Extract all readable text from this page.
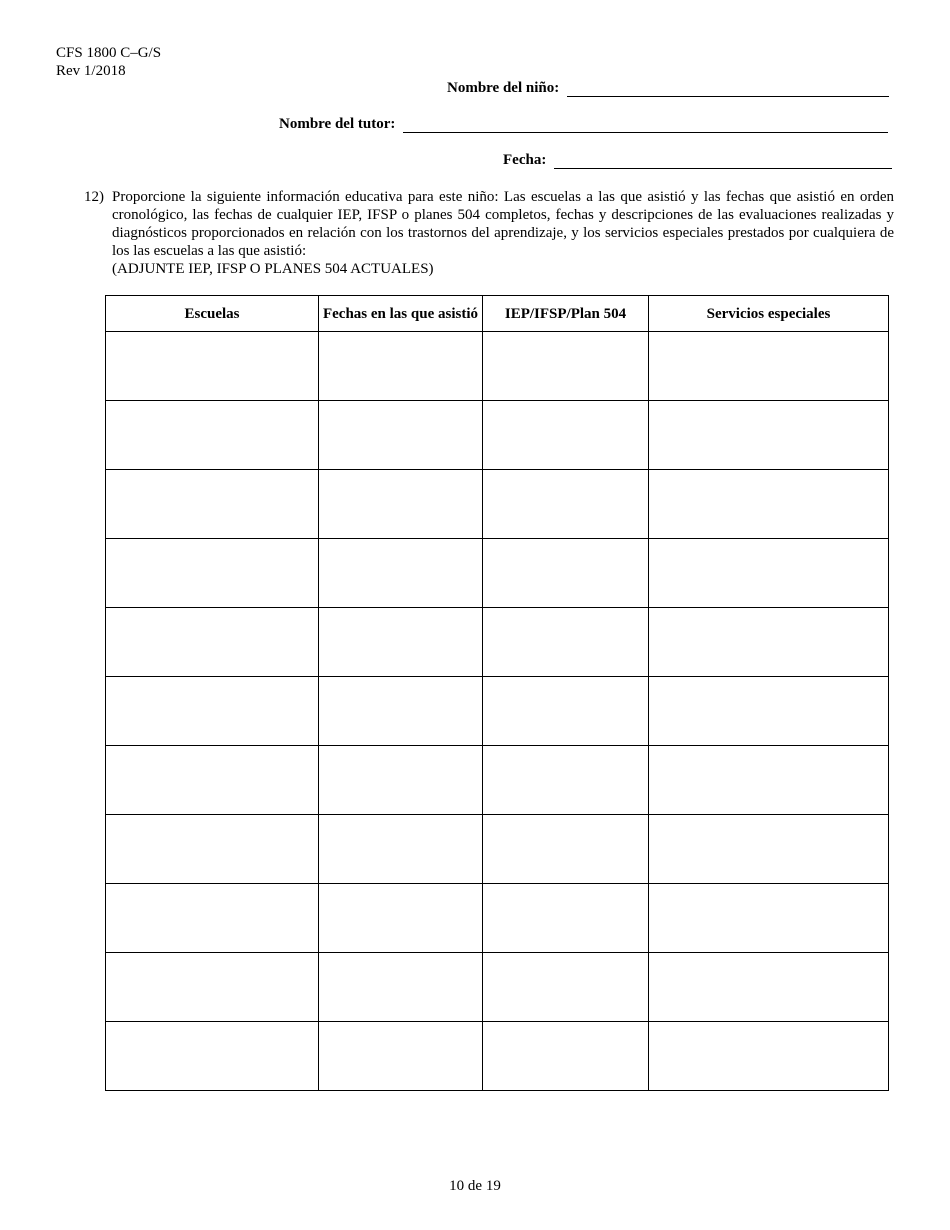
CFS 1800 C–G/S
Rev 1/2018
Nombre del niño:
Nombre del tutor:
Fecha:
12) Proporcione la siguiente información educativa para este niño: Las escuelas a las que asistió y las fechas que asistió en orden cronológico, las fechas de cualquier IEP, IFSP o planes 504 completos, fechas y descripciones de las evaluaciones realizadas y diagnósticos proporcionados en relación con los trastornos del aprendizaje, y los servicios especiales prestados por cualquiera de los las escuelas a las que asistió:
(ADJUNTE IEP, IFSP O PLANES 504 ACTUALES)
Escuelas	Fechas en las que asistió	IEP/IFSP/Plan 504	Servicios especiales

10 de 19
